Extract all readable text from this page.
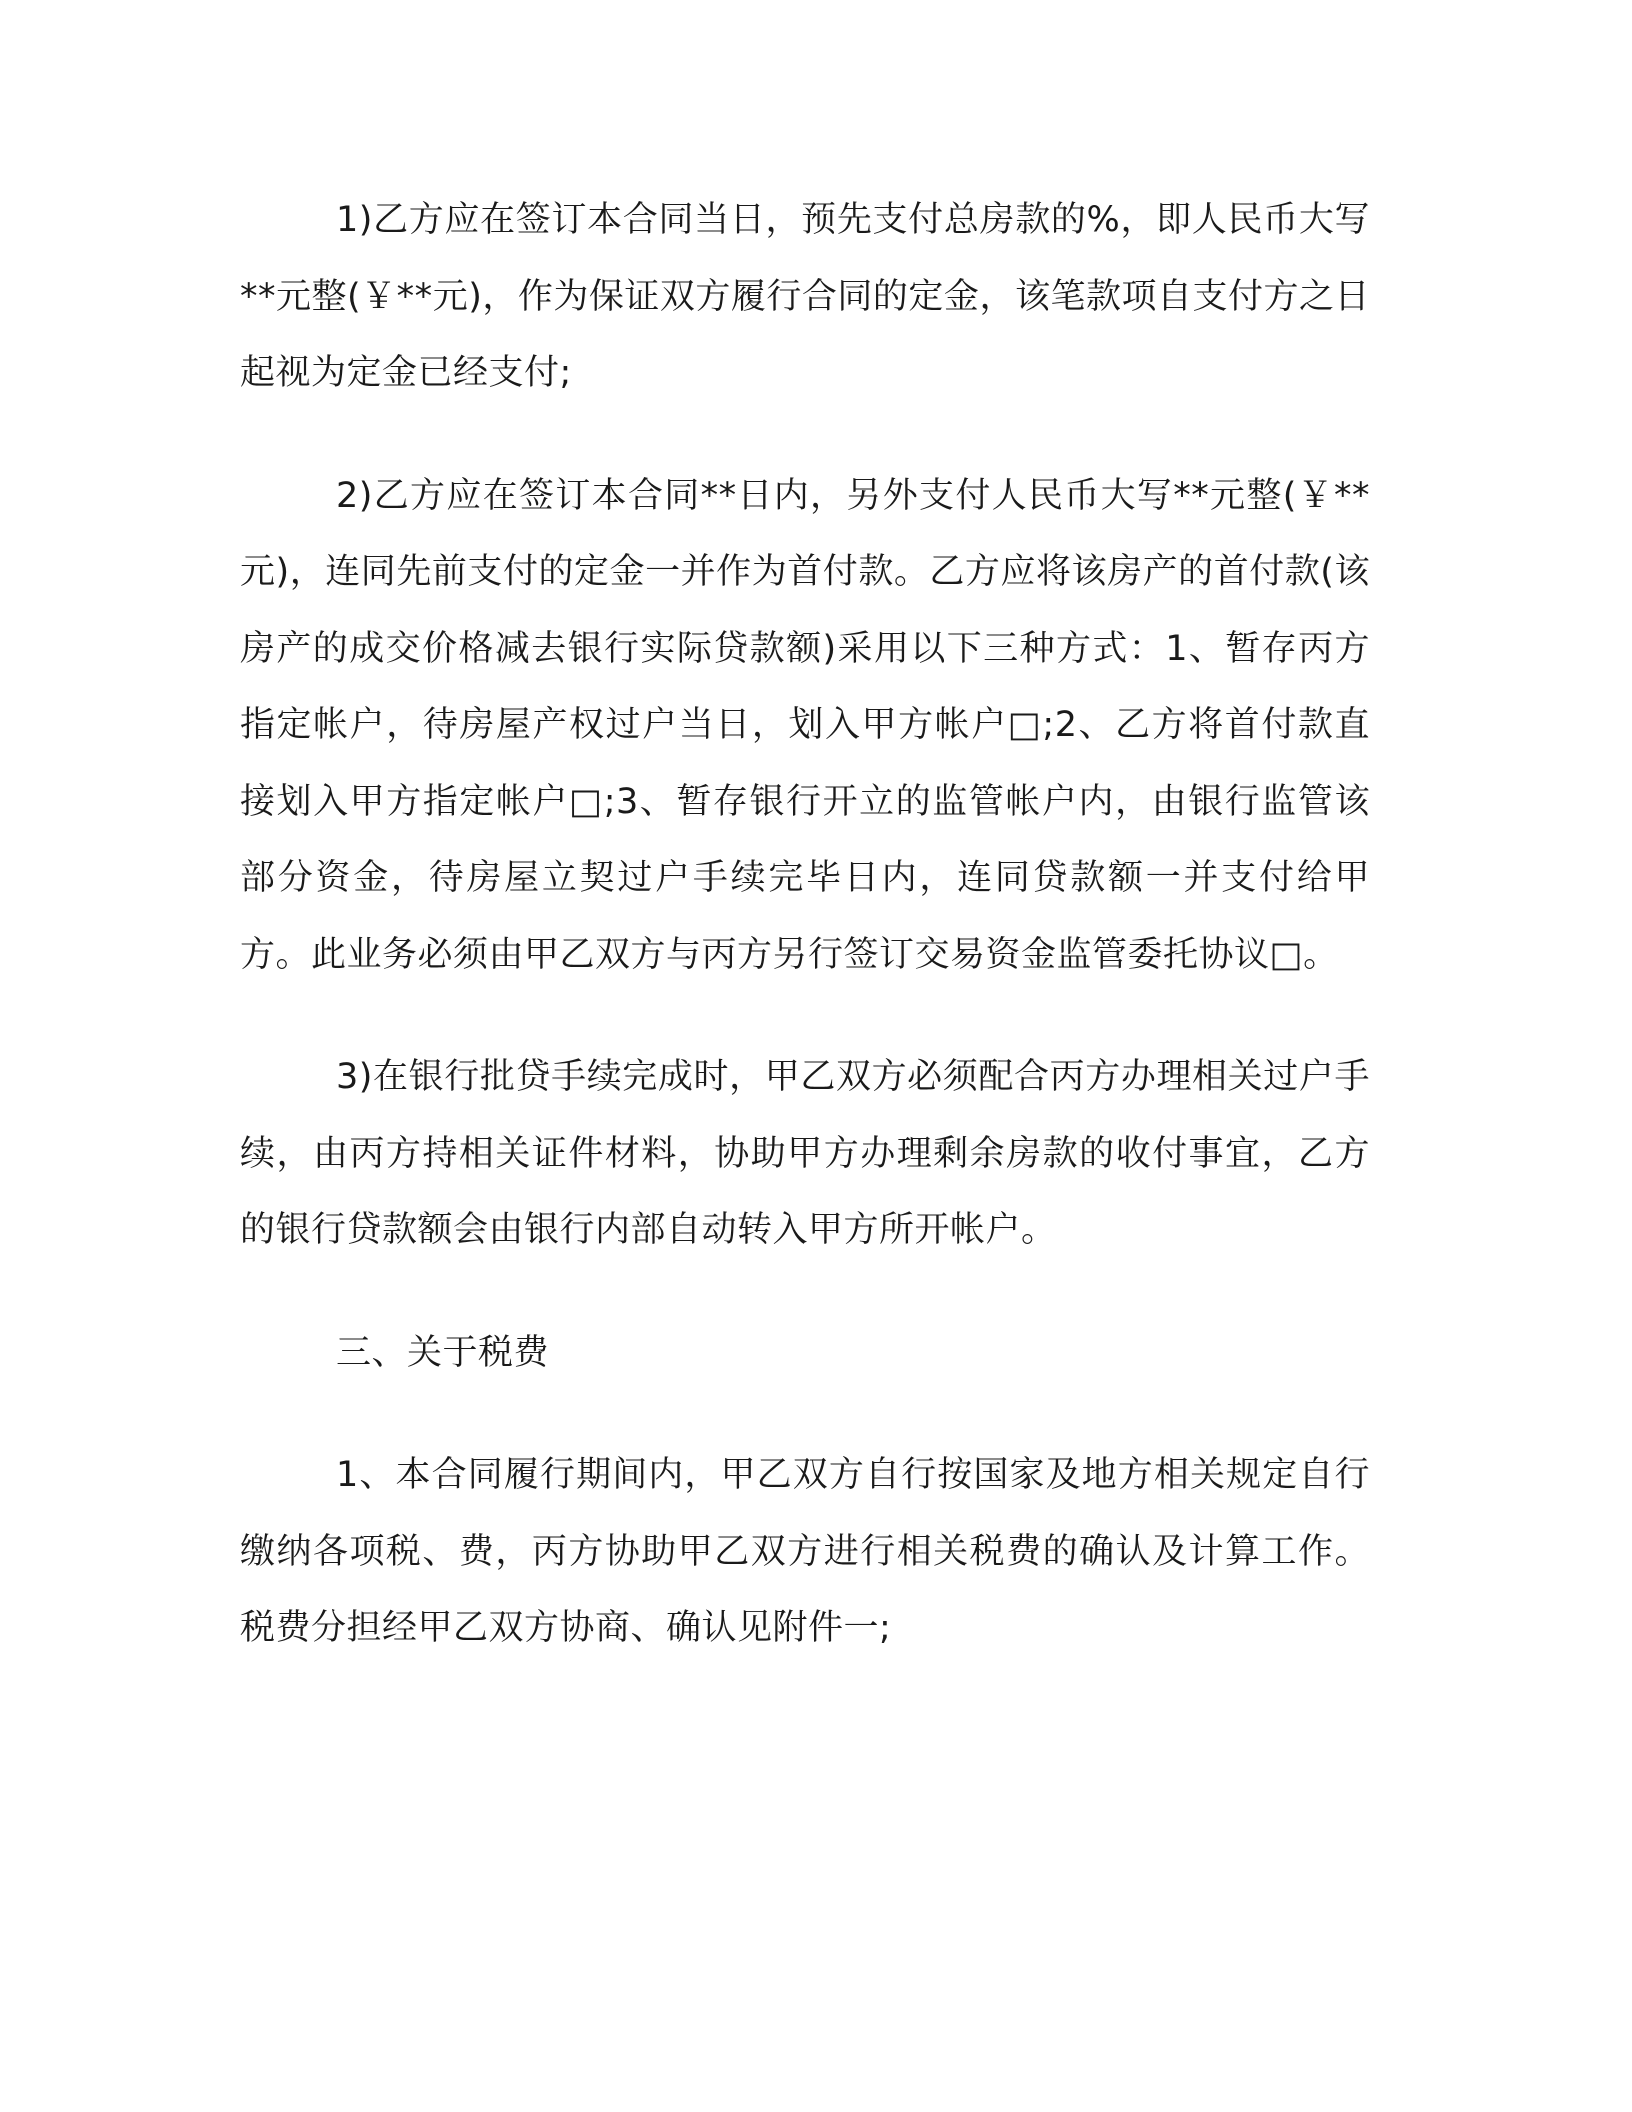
1)乙方应在签订本合同当日，预先支付总房款的%，即人民币大写**元整(￥**元)，作为保证双方履行合同的定金，该笔款项自支付方之日起视为定金已经支付;

2)乙方应在签订本合同**日内，另外支付人民币大写**元整(￥**元)，连同先前支付的定金一并作为首付款。乙方应将该房产的首付款(该房产的成交价格减去银行实际贷款额)采用以下三种方式：1、暂存丙方指定帐户，待房屋产权过户当日，划入甲方帐户□;2、乙方将首付款直接划入甲方指定帐户□;3、暂存银行开立的监管帐户内，由银行监管该部分资金，待房屋立契过户手续完毕日内，连同贷款额一并支付给甲方。此业务必须由甲乙双方与丙方另行签订交易资金监管委托协议□。

3)在银行批贷手续完成时，甲乙双方必须配合丙方办理相关过户手续，由丙方持相关证件材料，协助甲方办理剩余房款的收付事宜，乙方的银行贷款额会由银行内部自动转入甲方所开帐户。

三、关于税费

1、本合同履行期间内，甲乙双方自行按国家及地方相关规定自行缴纳各项税、费，丙方协助甲乙双方进行相关税费的确认及计算工作。税费分担经甲乙双方协商、确认见附件一;
